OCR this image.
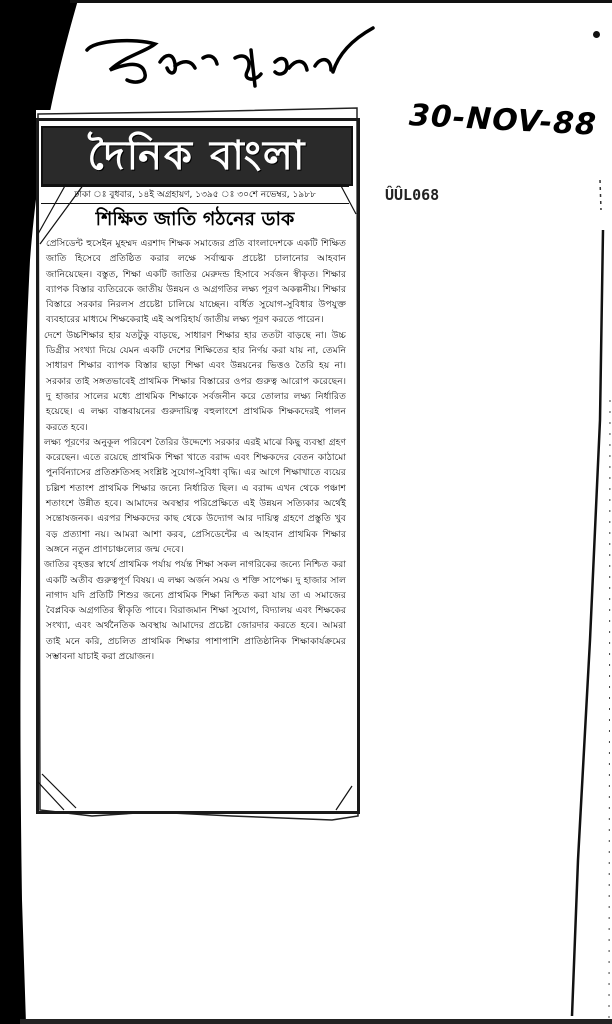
30-NOV-88
ÛÛL068
দৈনিক বাংলা
ঢাকা ঃ বুধবার, ১৪ই অগ্রহায়ণ, ১৩৯৫ ঃ ৩০শে নভেম্বর, ১৯৮৮
শিক্ষিত জাতি গঠনের ডাক

প্রেসিডেন্ট হুসেইন মুহম্মদ এরশাদ শিক্ষক সমাজের প্রতি বাংলাদেশকে একটি শিক্ষিত জাতি হিসেবে প্রতিষ্ঠিত করার লক্ষে সর্বাত্মক প্রচেষ্টা চালানোর আহবান জানিয়েছেন। বস্তুত, শিক্ষা একটি জাতির মেরুদন্ড হিসাবে সর্বজন স্বীকৃত। শিক্ষার ব্যাপক বিস্তার ব্যতিরেকে জাতীয় উন্নয়ন ও অগ্রগতির লক্ষ্য পূরণ অকল্পনীয়। শিক্ষার বিস্তারে সরকার নিরলস প্রচেষ্টা চালিয়ে যাচ্ছেন। বর্ধিত সুযোগ-সুবিধার উপযুক্ত ব্যবহারের মাধ্যমে শিক্ষকেরাই এই অপরিহার্য জাতীয় লক্ষ্য পূরণ করতে পারেন।

দেশে উচ্চশিক্ষার হার যতটুকু বাড়ছে, সাধারণ শিক্ষার হার ততটা বাড়ছে না। উচ্চ ডিগ্রীর সংখ্যা দিয়ে যেমন একটি দেশের শিক্ষিতের হার নির্ণয় করা যায় না, তেমনি সাধারণ শিক্ষার ব্যাপক বিস্তার ছাড়া শিক্ষা এবং উন্নয়নের ভিত্তও তৈরি হয় না। সরকার তাই সঙ্গতভাবেই প্রাথমিক শিক্ষার বিস্তারের ওপর গুরুত্ব আরোপ করেছেন। দু হাজার সালের মধ্যে প্রাথমিক শিক্ষাকে সর্বজনীন করে তোলার লক্ষ্য নির্ধারিত হয়েছে। এ লক্ষ্য বাস্তবায়নের গুরুদায়িত্ব বহুলাংশে প্রাথমিক শিক্ষকদেরই পালন করতে হবে।

লক্ষ্য পূরণের অনুকূল পরিবেশ তৈরির উদ্দেশ্যে সরকার এরই মাঝে কিছু ব্যবস্থা গ্রহণ করেছেন। এতে রয়েছে প্রাথমিক শিক্ষা খাতে বরাদ্দ এবং শিক্ষকদের বেতন কাঠামো পুনর্বিন্যাসের প্রতিশ্রুতিসহ সংশ্লিষ্ট সুযোগ-সুবিধা বৃদ্ধি। এর আগে শিক্ষাখাতে ব্যয়ের চল্লিশ শতাংশ প্রাথমিক শিক্ষার জন্যে নির্ধারিত ছিল। এ বরাদ্দ এখন থেকে পঞ্চাশ শতাংশে উন্নীত হবে। আমাদের অবস্থার পরিপ্রেক্ষিতে এই উন্নয়ন সত্যিকার অর্থেই সন্তোষজনক। এরপর শিক্ষকদের কাছ থেকে উদ্যোগ আর দায়িত্ব গ্রহণে প্রস্তুতি খুব বড় প্রত্যাশা নয়। আমরা আশা করব, প্রেসিডেন্টের এ আহবান প্রাথমিক শিক্ষার অঙ্গনে নতুন প্রাণচাঞ্চল্যের জন্ম দেবে।

জাতির বৃহত্তর স্বার্থে প্রাথমিক পর্যায় পর্যন্ত শিক্ষা সকল নাগরিকের জন্যে নিশ্চিত করা একটি অতীব গুরুত্বপূর্ণ বিষয়। এ লক্ষ্য অর্জন সময় ও শক্তি সাপেক্ষ। দু হাজার সাল নাগাদ যদি প্রতিটি শিশুর জন্যে প্রাথমিক শিক্ষা নিশ্চিত করা যায় তা এ সমাজের বৈপ্লবিক অগ্রগতির স্বীকৃতি পাবে। বিরাজমান শিক্ষা সুযোগ, বিদ্যালয় এবং শিক্ষকের সংখ্যা, এবং অর্থনৈতিক অবস্থায় আমাদের প্রচেষ্টা জোরদার করতে হবে। আমরা তাই মনে করি, প্রচলিত প্রাথমিক শিক্ষার পাশাপাশি প্রাতিষ্ঠানিক শিক্ষাকার্যক্রমের সম্ভাবনা যাচাই করা প্রয়োজন।
